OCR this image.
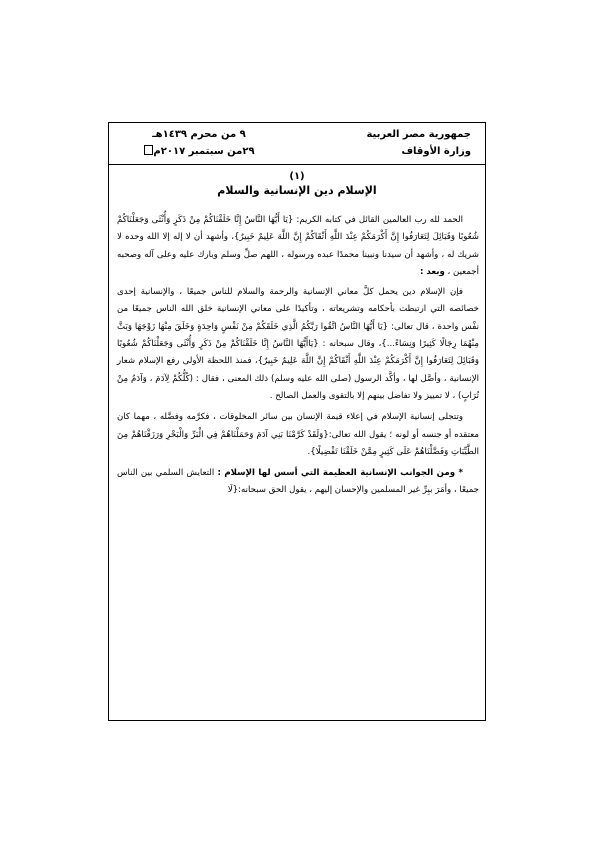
جمهورية مصر العربية
وزارة الأوقاف
٩ من محرم ١٤٣٩هـ
٢٩من سبتمبر ٢٠١٧م
(١)
الإسلام دين الإنسانية والسلام

الحمد لله رب العالمين القائل في كتابه الكريم: {يَا أَيُّهَا النَّاسُ إِنَّا خَلَقْنَاكُمْ مِنْ ذَكَرٍ وَأُنْثَى وَجَعَلْنَاكُمْ شُعُوبًا وَقَبَائِلَ لِتَعَارَفُوا إِنَّ أَكْرَمَكُمْ عِنْدَ اللَّهِ أَتْقَاكُمْ إِنَّ اللَّهَ عَلِيمٌ خَبِيرٌ}، وأشهد أن لا إله إلا الله وحده لا شريك له ، وأشهد أن سيدنا ونبينا محمدًا عبده ورسوله ، اللهم صلِّ وسلم وبارك عليه وعلى آله وصحبه أجمعين ، وبعد :

فإن الإسلام دين يحمل كلَّ معاني الإنسانية والرحمة والسلام للناس جميعًا ، والإنسانية إحدى خصائصه التي ارتبطت بأحكامه وتشريعاته ، وتأكيدًا على معاني الإنسانية خلق الله الناس جميعًا من نفْس واحدة ، قال تعالى: {يَا أَيُّهَا النَّاسُ اتَّقُوا رَبَّكُمُ الَّذِي خَلَقَكُمْ مِنْ نَفْسٍ وَاحِدَةٍ وَخَلَقَ مِنْهَا زَوْجَهَا وَبَثَّ مِنْهُمَا رِجَالًا كَثِيرًا وَنِسَاءً...}، وقال سبحانه : {يَاأَيُّهَا النَّاسُ إِنَّا خَلَقْنَاكُمْ مِنْ ذَكَرٍ وَأُنْثَى وَجَعَلْنَاكُمْ شُعُوبًا وَقَبَائِلَ لِتَعَارَفُوا إِنَّ أَكْرَمَكُمْ عِنْدَ اللَّهِ أَتْقَاكُمْ إِنَّ اللَّهَ عَلِيمٌ خَبِيرٌ}، فمنذ اللحظة الأولى رفع الإسلام شعار الإنسانية ، وأصَّل لها ، وأكَّد الرسول (صلى الله عليه وسلم) ذلك المعنى ، فقال : (كُلُّكُمْ لِآدَمَ ، وَآدَمُ مِنْ تُرَابٍ) ، لا تمييز ولا تفاضل بينهم إلا بالتقوى والعمل الصالح .

وتتجلى إنسانية الإسلام في إعلاء قيمة الإنسان بين سائر المخلوقات ، فكرَّمه وفضَّله ، مهما كان معتقده أو جنسه أو لونه ؛ يقول الله تعالى:{وَلَقَدْ كَرَّمْنَا بَنِي آدَمَ وَحَمَلْنَاهُمْ فِي الْبَرِّ وَالْبَحْرِ وَرَزَقْنَاهُمْ مِنَ الطَّيِّبَاتِ وَفَضَّلْنَاهُمْ عَلَى كَثِيرٍ مِمَّنْ خَلَقْنَا تَفْضِيلًا}.

* ومن الجوانب الإنسانية العظيمة التي أسس لها الإسلام : التعايش السلمي بين الناس جميعًا ، وأمَرَ ببِرِّ غير المسلمين والإحسان إليهم ، يقول الحق سبحانه:{لَا
